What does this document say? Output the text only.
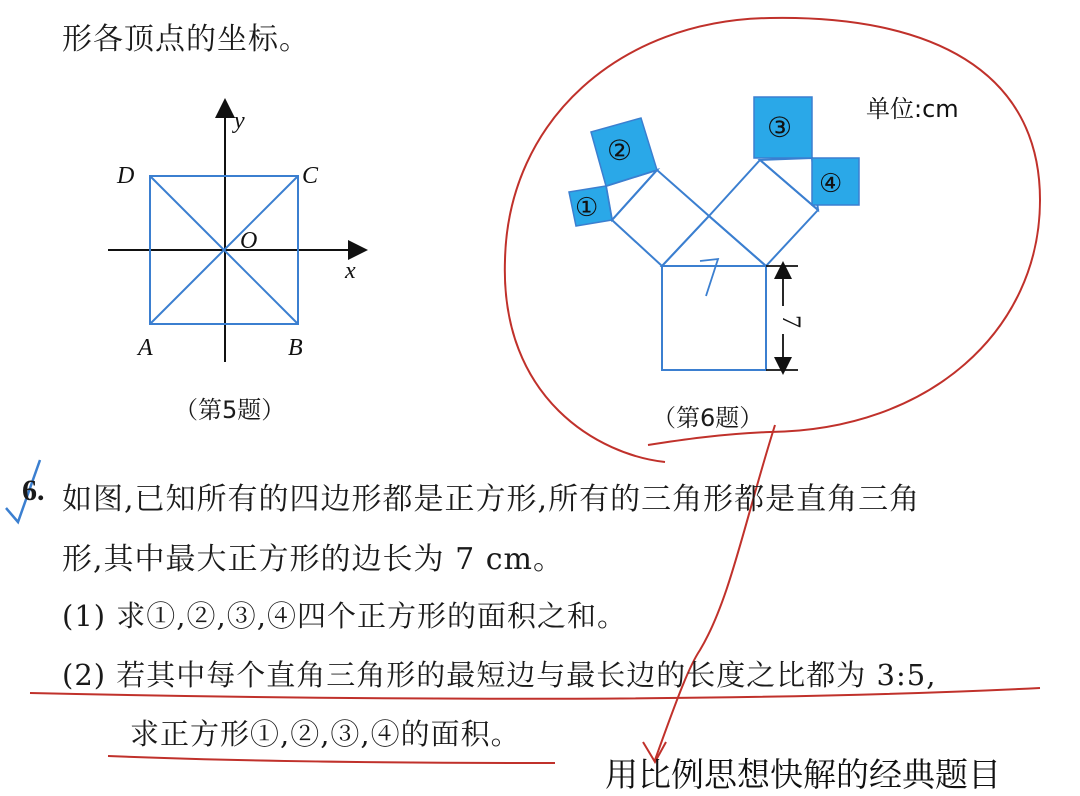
形各顶点的坐标。
y
x
O
D	C
A	B
①
②
③
④
7
单位:cm
（第5题）	（第6题）
6. 如图,已知所有的四边形都是正方形,所有的三角形都是直角三角
形,其中最大正方形的边长为 7 cm。
(1) 求①,②,③,④四个正方形的面积之和。
(2) 若其中每个直角三角形的最短边与最长边的长度之比都为 3:5,
求正方形①,②,③,④的面积。
用比例思想快解的经典题目
